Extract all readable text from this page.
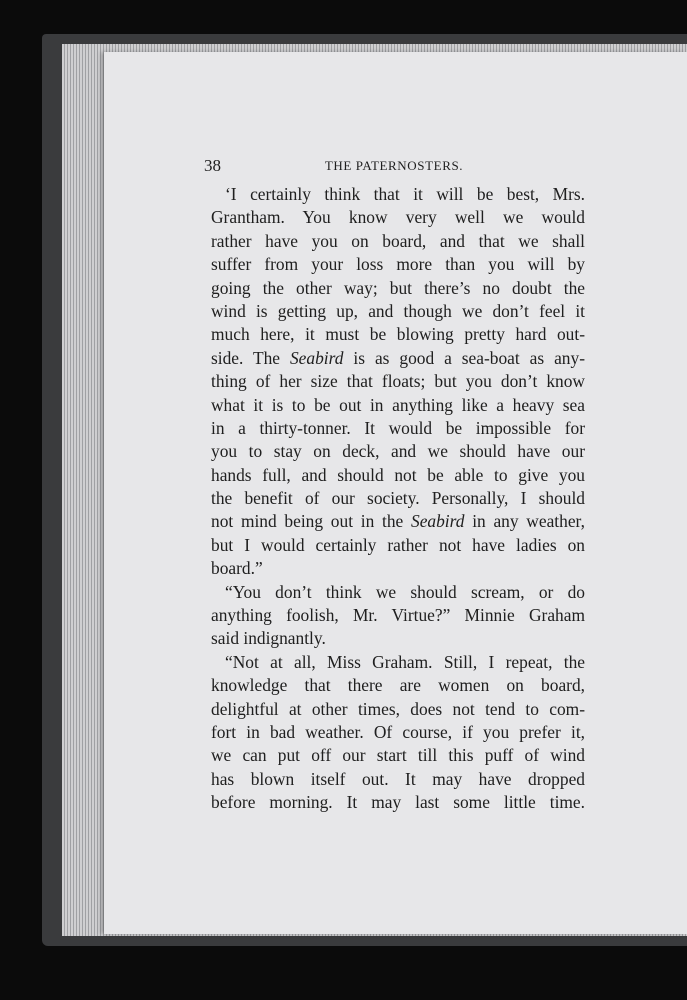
38	THE PATERNOSTERS.
‘I certainly think that it will be best, Mrs.
Grantham. You know very well we would
rather have you on board, and that we shall
suffer from your loss more than you will by
going the other way; but there’s no doubt the
wind is getting up, and though we don’t feel it
much here, it must be blowing pretty hard out-
side. The Seabird is as good a sea-boat as any-
thing of her size that floats; but you don’t know
what it is to be out in anything like a heavy sea
in a thirty-tonner. It would be impossible for
you to stay on deck, and we should have our
hands full, and should not be able to give you
the benefit of our society. Personally, I should
not mind being out in the Seabird in any weather,
but I would certainly rather not have ladies on
board.”
“You don’t think we should scream, or do
anything foolish, Mr. Virtue?” Minnie Graham
said indignantly.
“Not at all, Miss Graham. Still, I repeat, the
knowledge that there are women on board,
delightful at other times, does not tend to com-
fort in bad weather. Of course, if you prefer it,
we can put off our start till this puff of wind
has blown itself out. It may have dropped
before morning. It may last some little time.
